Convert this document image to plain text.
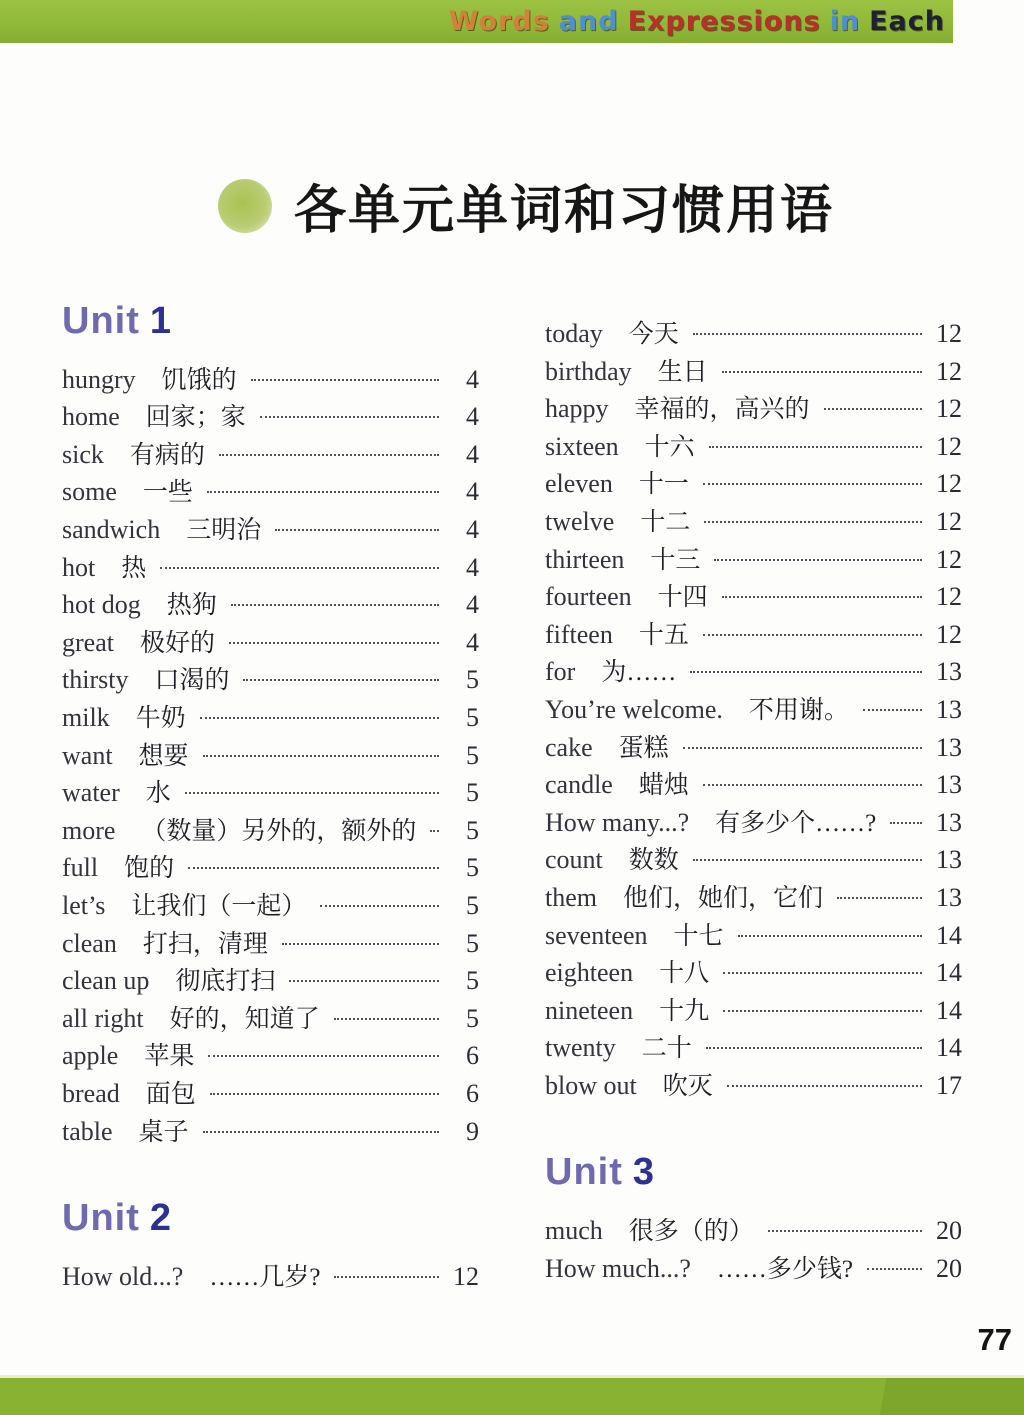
Words and Expressions in Each
各单元单词和习惯用语
Unit 1
hungry 饥饿的	4
home 回家；家	4
sick 有病的	4
some 一些	4
sandwich 三明治	4
hot 热	4
hot dog 热狗	4
great 极好的	4
thirsty 口渴的	5
milk 牛奶	5
want 想要	5
water 水	5
more （数量）另外的，额外的	5
full 饱的	5
let’s 让我们（一起）	5
clean 打扫，清理	5
clean up 彻底打扫	5
all right 好的，知道了	5
apple 苹果	6
bread 面包	6
table 桌子	9
Unit 2
How old...? ……几岁?	12
today 今天	12
birthday 生日	12
happy 幸福的，高兴的	12
sixteen 十六	12
eleven 十一	12
twelve 十二	12
thirteen 十三	12
fourteen 十四	12
fifteen 十五	12
for 为……	13
You’re welcome. 不用谢。	13
cake 蛋糕	13
candle 蜡烛	13
How many...? 有多少个……? 13
count 数数	13
them 他们，她们，它们	13
seventeen 十七	14
eighteen 十八	14
nineteen 十九	14
twenty 二十	14
blow out 吹灭	17
Unit 3
much 很多（的）	20
How much...? ……多少钱?	20
77
